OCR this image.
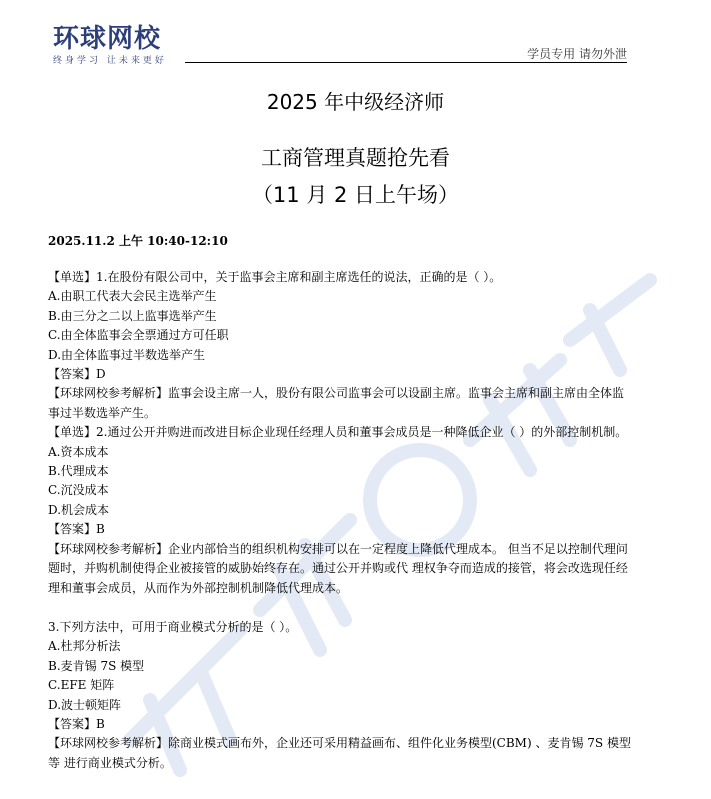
环球网校
终身学习 让未来更好	学员专用 请勿外泄
2025 年中级经济师
工商管理真题抢先看
（11 月 2 日上午场）
2025.11.2 上午 10:40-12:10

【单选】1.在股份有限公司中，关于监事会主席和副主席选任的说法，正确的是（ ）。

A.由职工代表大会民主选举产生

B.由三分之二以上监事选举产生

C.由全体监事会全票通过方可任职

D.由全体监事过半数选举产生

【答案】D

【环球网校参考解析】监事会设主席一人，股份有限公司监事会可以设副主席。监事会主席和副主席由全体监事过半数选举产生。

【单选】2.通过公开并购进而改进目标企业现任经理人员和董事会成员是一种降低企业（ ）的外部控制机制。

A.资本成本

B.代理成本

C.沉没成本

D.机会成本

【答案】B

【环球网校参考解析】企业内部恰当的组织机构安排可以在一定程度上降低代理成本。 但当不足以控制代理问题时，并购机制使得企业被接管的威胁始终存在。通过公开并购或代 理权争夺而造成的接管，将会改选现任经理和董事会成员，从而作为外部控制机制降低代理成本。

3.下列方法中，可用于商业模式分析的是（ ）。

A.杜邦分析法

B.麦肯锡 7S 模型

C.EFE 矩阵

D.波士顿矩阵

【答案】B

【环球网校参考解析】除商业模式画布外，企业还可采用精益画布、组件化业务模型(CBM) 、麦肯锡 7S 模型等 进行商业模式分析。
